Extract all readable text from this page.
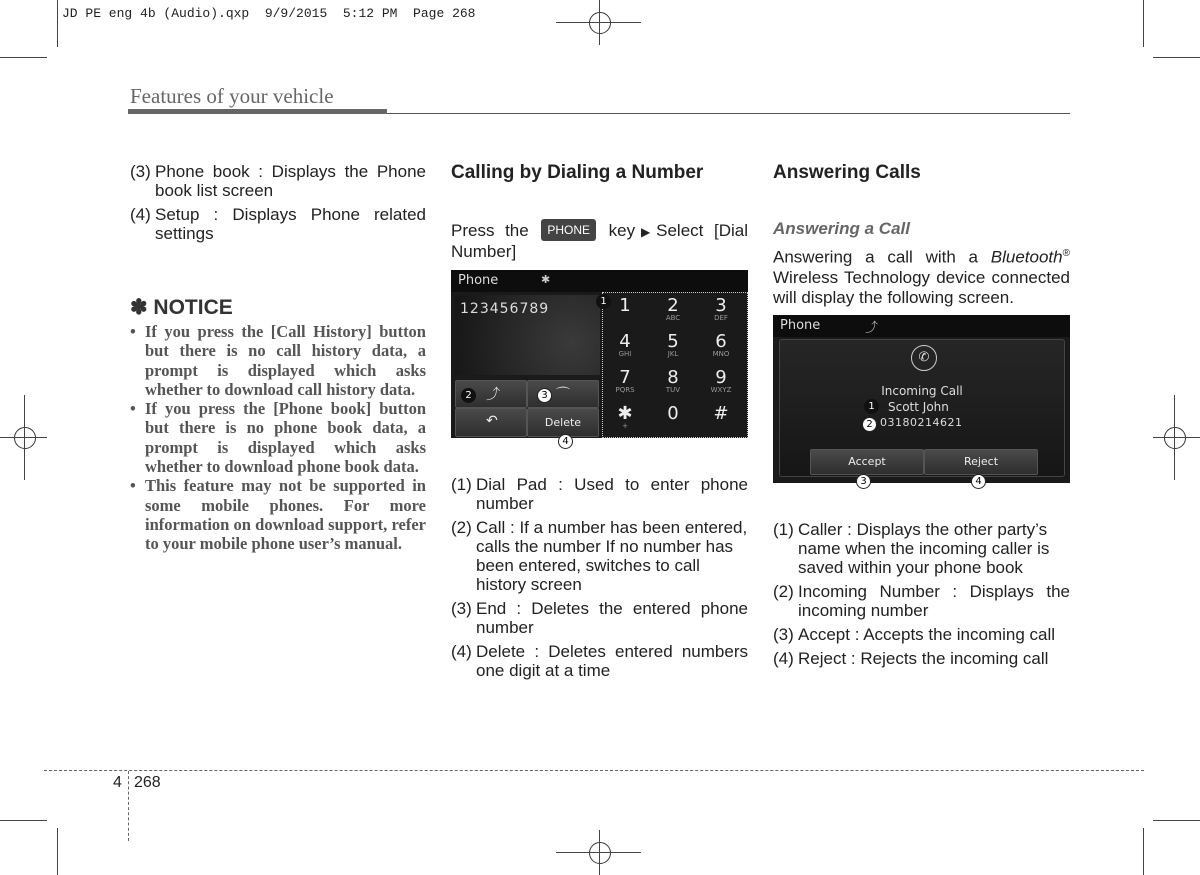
JD PE eng 4b (Audio).qxp  9/9/2015  5:12 PM  Page 268
Features of your vehicle
(3) Phone book : Displays the Phone book list screen
(4) Setup : Displays Phone related settings
✽ NOTICE
• If you press the [Call History] button but there is no call history data, a prompt is displayed which asks whether to download call history data.
• If you press the [Phone book] button but there is no phone book data, a prompt is displayed which asks whether to download phone book data.
• This feature may not be supported in some mobile phones. For more information on download support, refer to your mobile phone user’s manual.
Calling by Dialing a Number
Press the PHONE key▶Select [Dial Number]
Phone	✱
123456789
⤴	⌒
↶	Delete
1
2	3
1	2
ABC
3
DEF
4
GHI
5
JKL
6
MNO
7
PQRS
8
TUV
9
WXYZ
✱
+
0	#
4
(1) Dial Pad : Used to enter phone number
(2) Call : If a number has been entered, calls the number If no number has been entered, switches to call history screen
(3) End : Deletes the entered phone number
(4) Delete : Deletes entered numbers one digit at a time
Answering Calls
Answering a Call
Answering a call with a Bluetooth® Wireless Technology device connected will display the following screen.
Phone	⤴
✆
Incoming Call
Scott John
03180214621
Accept	Reject
1
2
3	4
(1) Caller : Displays the other party’s name when the incoming caller is saved within your phone book
(2) Incoming Number : Displays the incoming number
(3) Accept : Accepts the incoming call
(4) Reject : Rejects the incoming call
4 268
